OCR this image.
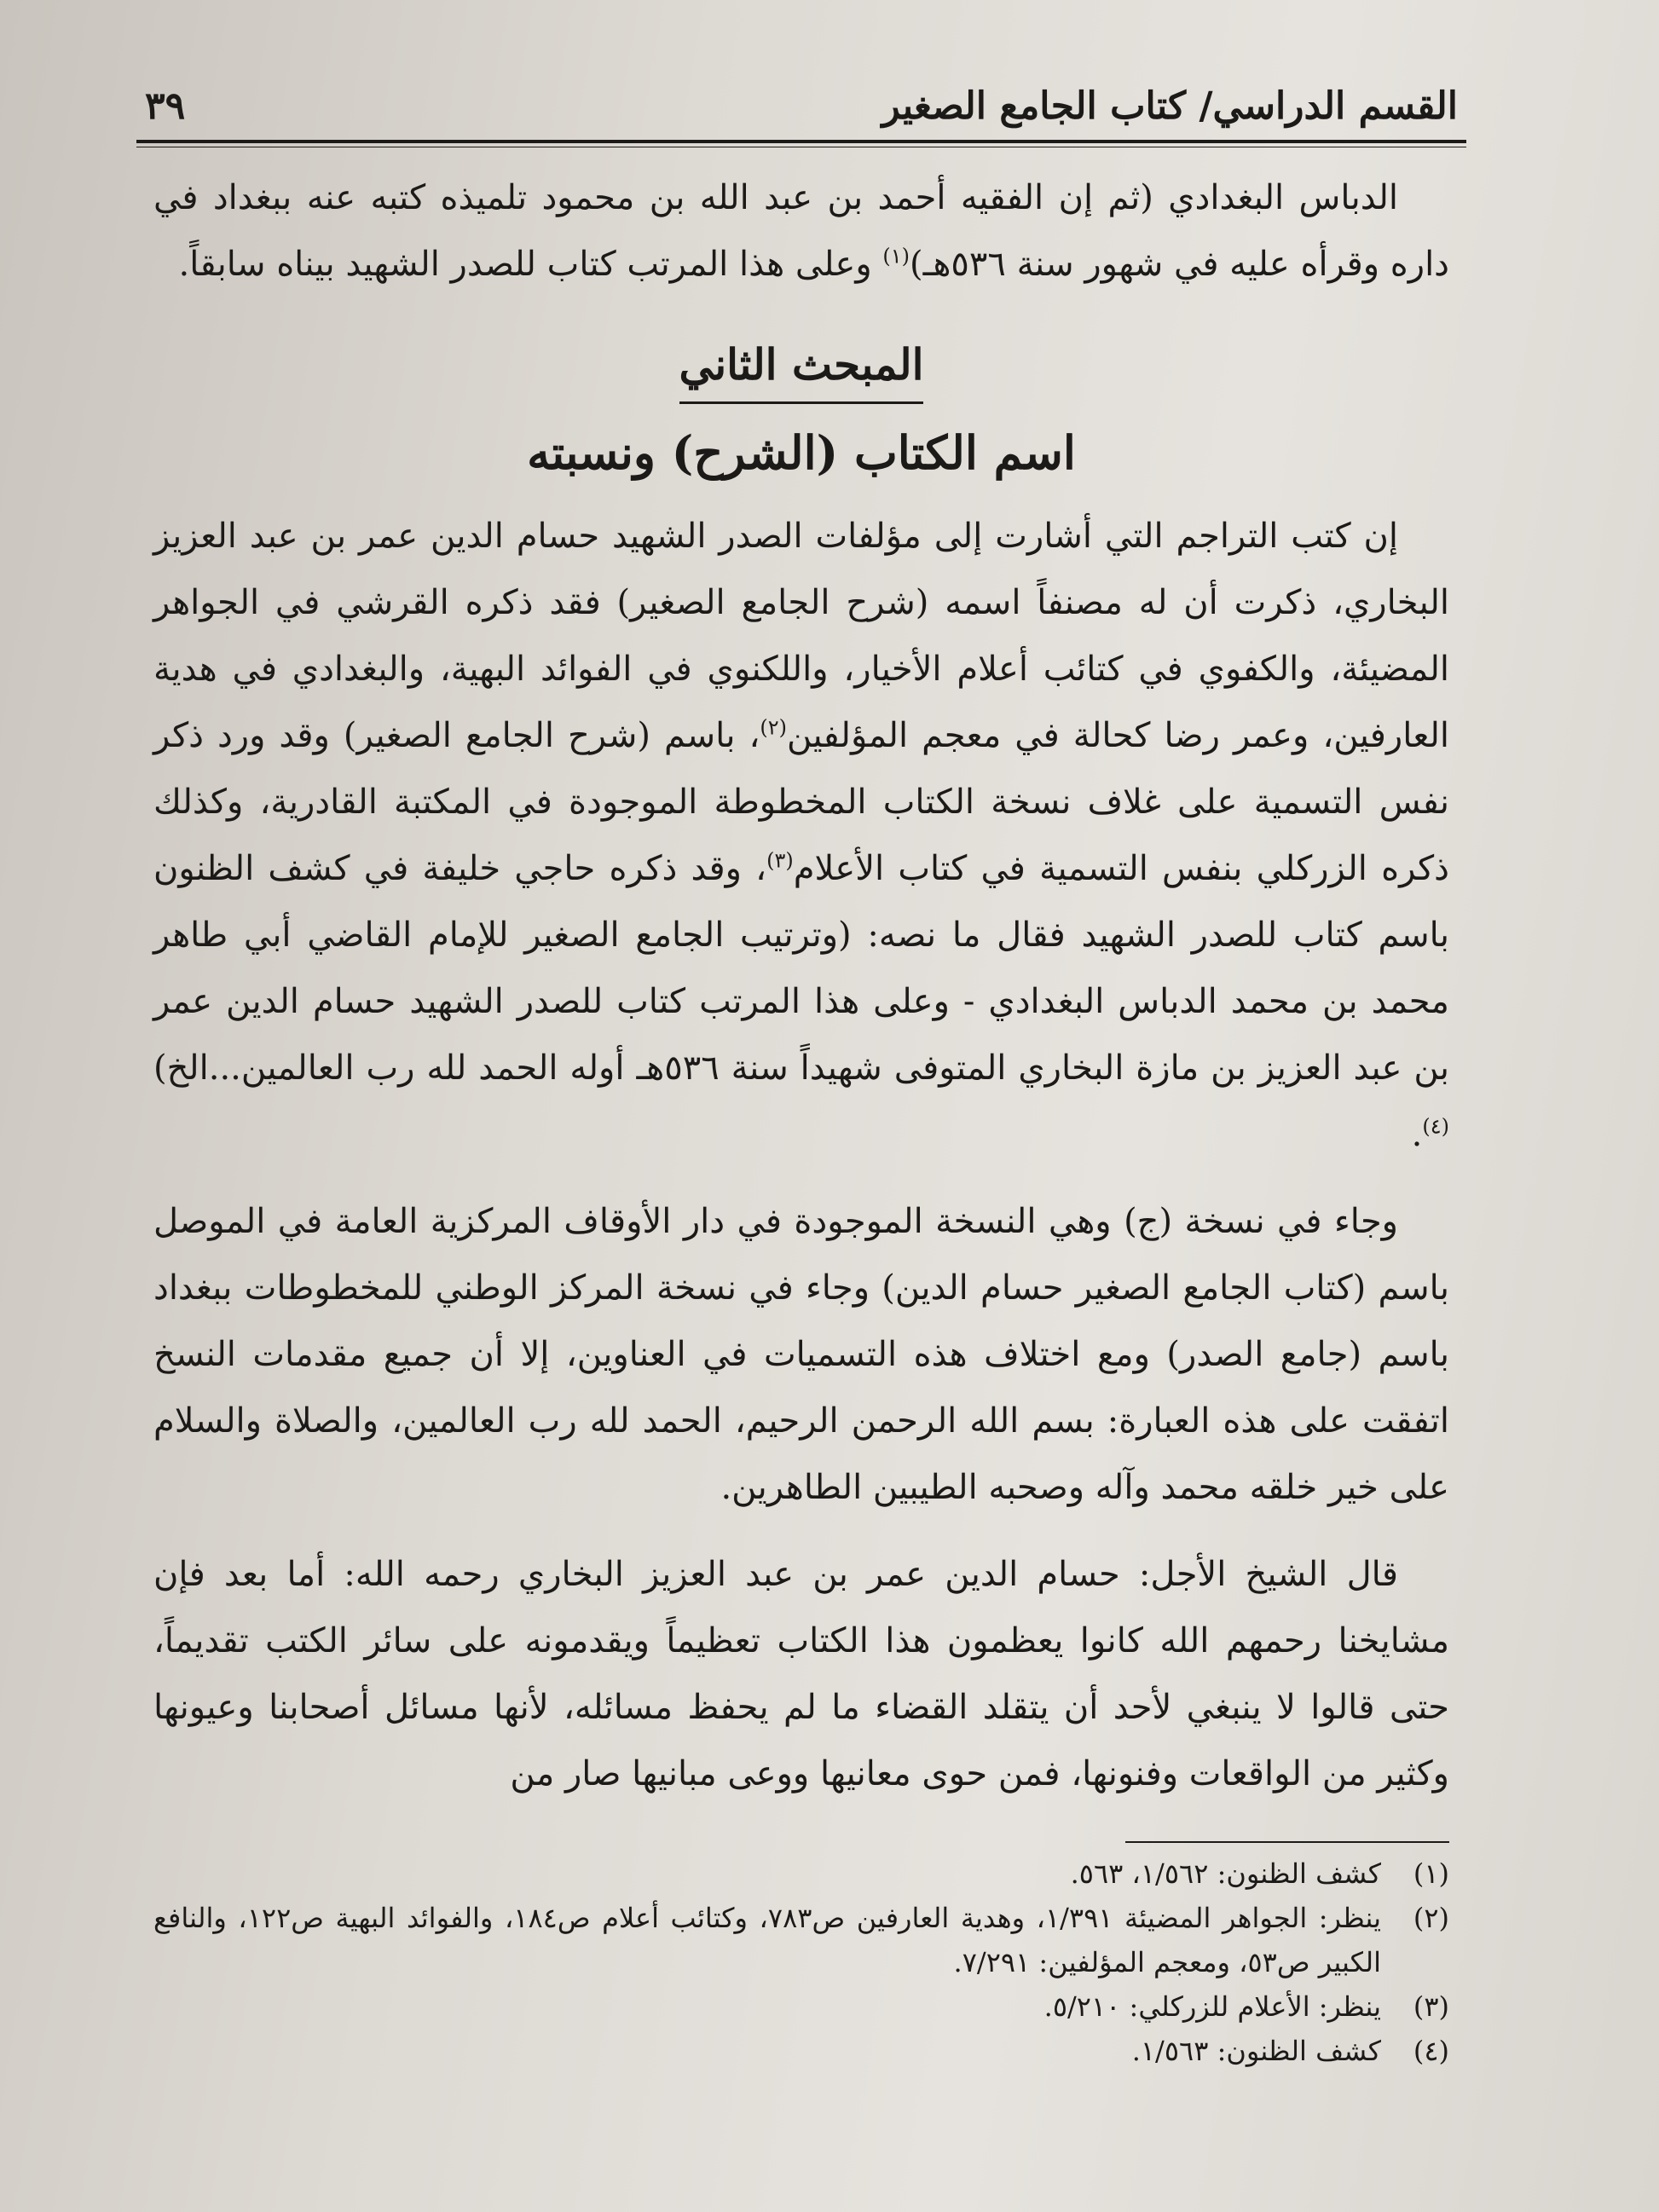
القسم الدراسي/ كتاب الجامع الصغير
٣٩

الدباس البغدادي (ثم إن الفقيه أحمد بن عبد الله بن محمود تلميذه كتبه عنه ببغداد في داره وقرأه عليه في شهور سنة ٥٣٦هـ)$^{(١)}$ وعلى هذا المرتب كتاب للصدر الشهيد بيناه سابقاً.

المبحث الثاني
اسم الكتاب (الشرح) ونسبته

إن كتب التراجم التي أشارت إلى مؤلفات الصدر الشهيد حسام الدين عمر بن عبد العزيز البخاري، ذكرت أن له مصنفاً اسمه (شرح الجامع الصغير) فقد ذكره القرشي في الجواهر المضيئة، والكفوي في كتائب أعلام الأخيار، واللكنوي في الفوائد البهية، والبغدادي في هدية العارفين، وعمر رضا كحالة في معجم المؤلفين$^{(٢)}$، باسم (شرح الجامع الصغير) وقد ورد ذكر نفس التسمية على غلاف نسخة الكتاب المخطوطة الموجودة في المكتبة القادرية، وكذلك ذكره الزركلي بنفس التسمية في كتاب الأعلام$^{(٣)}$، وقد ذكره حاجي خليفة في كشف الظنون باسم كتاب للصدر الشهيد فقال ما نصه: (وترتيب الجامع الصغير للإمام القاضي أبي طاهر محمد بن محمد الدباس البغدادي - وعلى هذا المرتب كتاب للصدر الشهيد حسام الدين عمر بن عبد العزيز بن مازة البخاري المتوفى شهيداً سنة ٥٣٦هـ أوله الحمد لله رب العالمين...الخ)$^{(٤)}$.

وجاء في نسخة (ج) وهي النسخة الموجودة في دار الأوقاف المركزية العامة في الموصل باسم (كتاب الجامع الصغير حسام الدين) وجاء في نسخة المركز الوطني للمخطوطات ببغداد باسم (جامع الصدر) ومع اختلاف هذه التسميات في العناوين، إلا أن جميع مقدمات النسخ اتفقت على هذه العبارة: بسم الله الرحمن الرحيم، الحمد لله رب العالمين، والصلاة والسلام على خير خلقه محمد وآله وصحبه الطيبين الطاهرين.

قال الشيخ الأجل: حسام الدين عمر بن عبد العزيز البخاري رحمه الله: أما بعد فإن مشايخنا رحمهم الله كانوا يعظمون هذا الكتاب تعظيماً ويقدمونه على سائر الكتب تقديماً، حتى قالوا لا ينبغي لأحد أن يتقلد القضاء ما لم يحفظ مسائله، لأنها مسائل أصحابنا وعيونها وكثير من الواقعات وفنونها، فمن حوى معانيها ووعى مبانيها صار من

(١)
كشف الظنون: ١/٥٦٢، ٥٦٣.
(٢)
ينظر: الجواهر المضيئة ١/٣٩١، وهدية العارفين ص٧٨٣، وكتائب أعلام ص١٨٤، والفوائد البهية ص١٢٢، والنافع الكبير ص٥٣، ومعجم المؤلفين: ٧/٢٩١.
(٣)
ينظر: الأعلام للزركلي: ٥/٢١٠.
(٤)
كشف الظنون: ١/٥٦٣.
